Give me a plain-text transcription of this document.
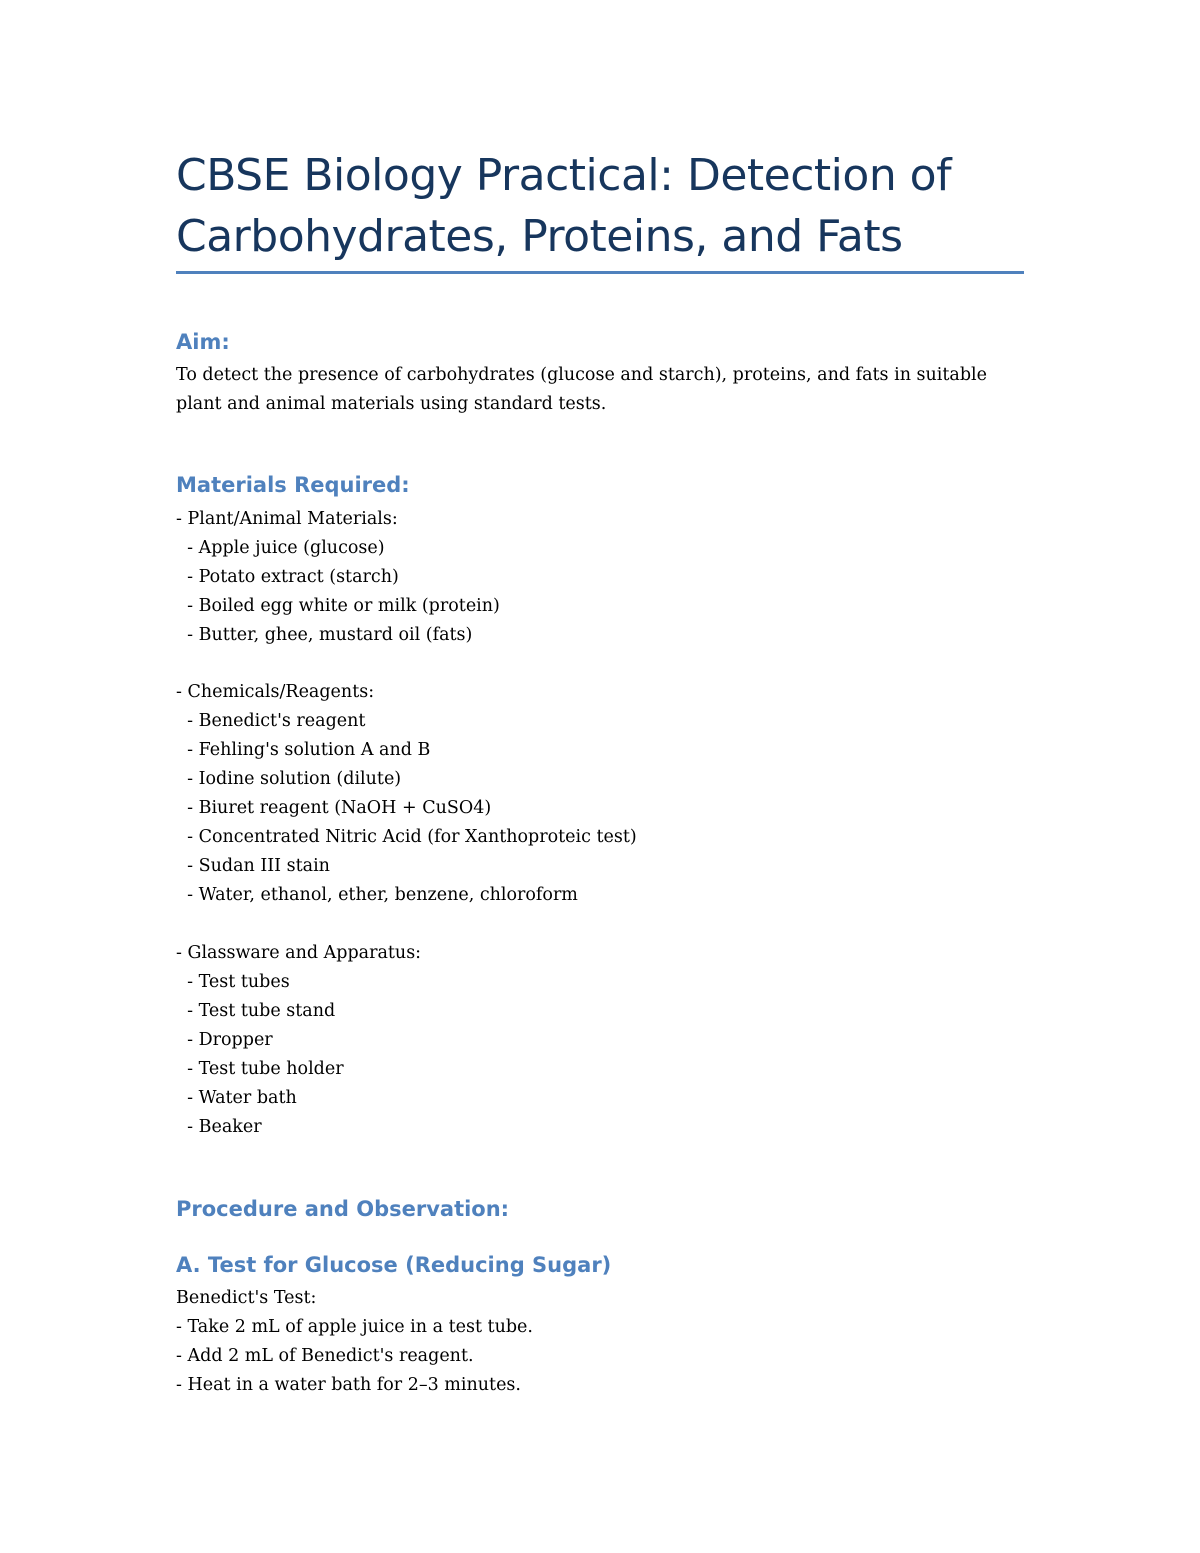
CBSE Biology Practical: Detection of
Carbohydrates, Proteins, and Fats
Aim:

To detect the presence of carbohydrates (glucose and starch), proteins, and fats in suitable
plant and animal materials using standard tests.

Materials Required:
- Plant/Animal Materials:
- Apple juice (glucose)
- Potato extract (starch)
- Boiled egg white or milk (protein)
- Butter, ghee, mustard oil (fats)
- Chemicals/Reagents:
- Benedict's reagent
- Fehling's solution A and B
- Iodine solution (dilute)
- Biuret reagent (NaOH + CuSO4)
- Concentrated Nitric Acid (for Xanthoproteic test)
- Sudan III stain
- Water, ethanol, ether, benzene, chloroform
- Glassware and Apparatus:
- Test tubes
- Test tube stand
- Dropper
- Test tube holder
- Water bath
- Beaker
Procedure and Observation:
A. Test for Glucose (Reducing Sugar)
Benedict's Test:
- Take 2 mL of apple juice in a test tube.
- Add 2 mL of Benedict's reagent.
- Heat in a water bath for 2–3 minutes.
